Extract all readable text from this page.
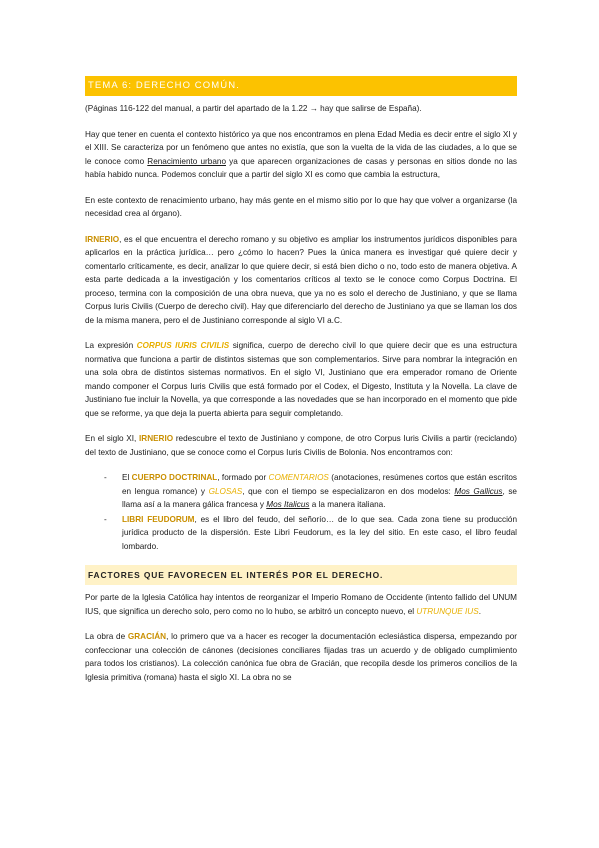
TEMA 6: DERECHO COMÚN.

(Páginas 116-122 del manual, a partir del apartado de la 1.22 → hay que salirse de España).

Hay que tener en cuenta el contexto histórico ya que nos encontramos en plena Edad Media es decir entre el siglo XI y el XIII. Se caracteriza por un fenómeno que antes no existía, que son la vuelta de la vida de las ciudades, a lo que se le conoce como Renacimiento urbano ya que aparecen organizaciones de casas y personas en sitios donde no las había habido nunca. Podemos concluir que a partir del siglo XI es como que cambia la estructura,

En este contexto de renacimiento urbano, hay más gente en el mismo sitio por lo que hay que volver a organizarse (la necesidad crea al órgano).

IRNERIO, es el que encuentra el derecho romano y su objetivo es ampliar los instrumentos jurídicos disponibles para aplicarlos en la práctica jurídica… pero ¿cómo lo hacen? Pues la única manera es investigar qué quiere decir y comentarlo críticamente, es decir, analizar lo que quiere decir, si está bien dicho o no, todo esto de manera objetiva. A esta parte dedicada a la investigación y los comentarios críticos al texto se le conoce como Corpus Doctrina. El proceso, termina con la composición de una obra nueva, que ya no es solo el derecho de Justiniano, y que se llama Corpus Iuris Civilis (Cuerpo de derecho civil). Hay que diferenciarlo del derecho de Justiniano ya que se llaman los dos de la misma manera, pero el de Justiniano corresponde al siglo VI a.C.

La expresión CORPUS IURIS CIVILIS significa, cuerpo de derecho civil lo que quiere decir que es una estructura normativa que funciona a partir de distintos sistemas que son complementarios. Sirve para nombrar la integración en una sola obra de distintos sistemas normativos. En el siglo VI, Justiniano que era emperador romano de Oriente mando componer el Corpus Iuris Civilis que está formado por el Codex, el Digesto, Instituta y la Novella. La clave de Justiniano fue incluir la Novella, ya que corresponde a las novedades que se han incorporado en el momento que pide que se reforme, ya que deja la puerta abierta para seguir completando.

En el siglo XI, IRNERIO redescubre el texto de Justiniano y compone, de otro Corpus Iuris Civilis a partir (reciclando) del texto de Justiniano, que se conoce como el Corpus Iuris Civilis de Bolonia. Nos encontramos con:

- El CUERPO DOCTRINAL, formado por COMENTARIOS (anotaciones, resúmenes cortos que están escritos en lengua romance) y GLOSAS, que con el tiempo se especializaron en dos modelos: Mos Gallicus, se llama así a la manera gálica francesa y Mos Italicus a la manera italiana.
- LIBRI FEUDORUM, es el libro del feudo, del señorío… de lo que sea. Cada zona tiene su producción jurídica producto de la dispersión. Este Libri Feudorum, es la ley del sitio. En este caso, el libro feudal lombardo.
FACTORES QUE FAVORECEN EL INTERÉS POR EL DERECHO.

Por parte de la Iglesia Católica hay intentos de reorganizar el Imperio Romano de Occidente (intento fallido del UNUM IUS, que significa un derecho solo, pero como no lo hubo, se arbitró un concepto nuevo, el UTRUNQUE IUS.

La obra de GRACIÁN, lo primero que va a hacer es recoger la documentación eclesiástica dispersa, empezando por confeccionar una colección de cánones (decisiones conciliares fijadas tras un acuerdo y de obligado cumplimiento para todos los cristianos). La colección canónica fue obra de Gracián, que recopila desde los primeros concilios de la Iglesia primitiva (romana) hasta el siglo XI. La obra no se
